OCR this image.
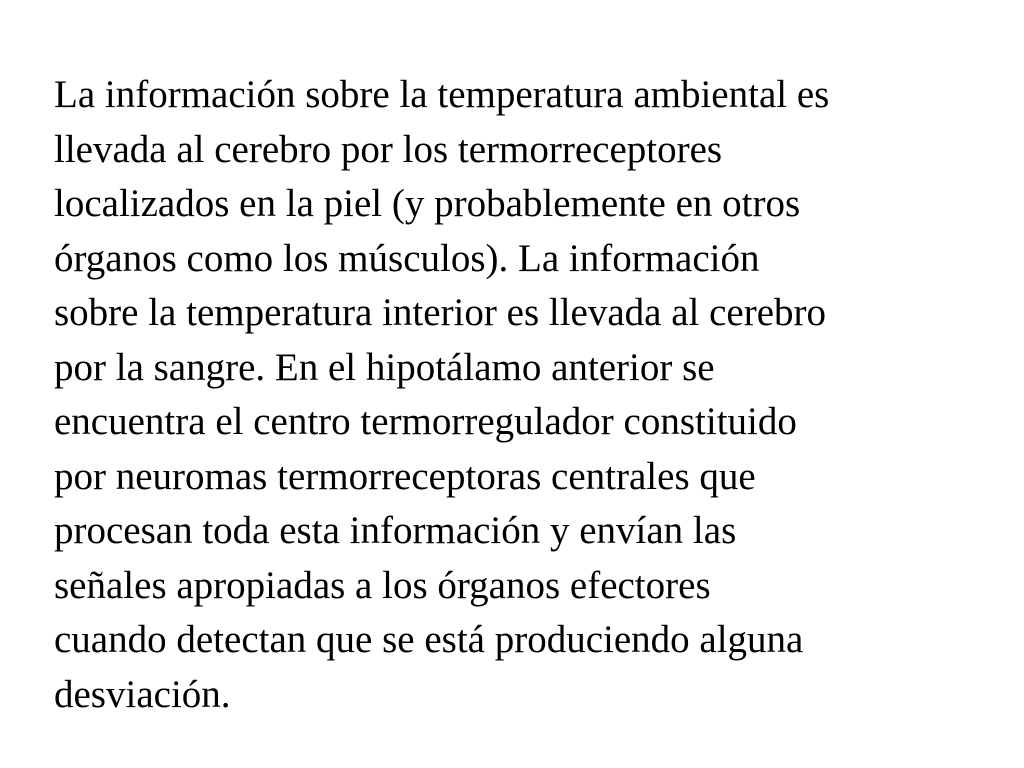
La información sobre la temperatura ambiental es
llevada al cerebro por los termorreceptores
localizados en la piel (y probablemente en otros
órganos como los músculos). La información
sobre la temperatura interior es llevada al cerebro
por la sangre. En el hipotálamo anterior se
encuentra el centro termorregulador constituido
por neuromas termorreceptoras centrales que
procesan toda esta información y envían las
señales apropiadas a los órganos efectores
cuando detectan que se está produciendo alguna
desviación.
